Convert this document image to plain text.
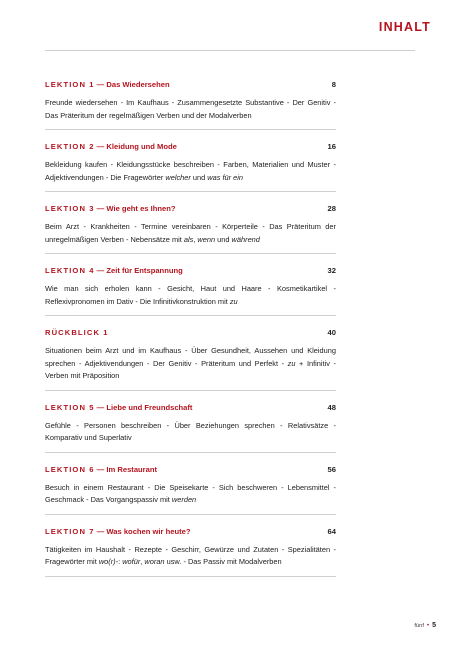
INHALT
LEKTION 1 — Das Wiedersehen	8
Freunde wiedersehen - Im Kaufhaus - Zusammengesetzte Substantive - Der Genitiv - Das Präteritum der regelmäßigen Verben und der Modalverben
LEKTION 2 — Kleidung und Mode	16
Bekleidung kaufen - Kleidungsstücke beschreiben - Farben, Materialien und Muster - Adjektivendungen - Die Fragewörter welcher und was für ein
LEKTION 3 — Wie geht es Ihnen?	28
Beim Arzt - Krankheiten - Termine vereinbaren - Körperteile - Das Präteritum der unregelmäßigen Verben - Nebensätze mit als, wenn und während
LEKTION 4 — Zeit für Entspannung	32
Wie man sich erholen kann - Gesicht, Haut und Haare - Kosmetikartikel - Reflexivpronomen im Dativ - Die Infinitivkonstruktion mit zu
RÜCKBLICK 1	40
Situationen beim Arzt und im Kaufhaus - Über Gesundheit, Aussehen und Kleidung sprechen - Adjektivendungen - Der Genitiv - Präteritum und Perfekt - zu + Infinitiv - Verben mit Präposition
LEKTION 5 — Liebe und Freundschaft	48
Gefühle - Personen beschreiben - Über Beziehungen sprechen - Relativsätze - Komparativ und Superlativ
LEKTION 6 — Im Restaurant	56
Besuch in einem Restaurant - Die Speisekarte - Sich beschweren - Lebensmittel - Geschmack - Das Vorgangspassiv mit werden
LEKTION 7 — Was kochen wir heute?	64
Tätigkeiten im Haushalt - Rezepte - Geschirr, Gewürze und Zutaten - Spezialitäten - Fragewörter mit wo(r)-: wofür, woran usw. - Das Passiv mit Modalverben
fünf • 5
